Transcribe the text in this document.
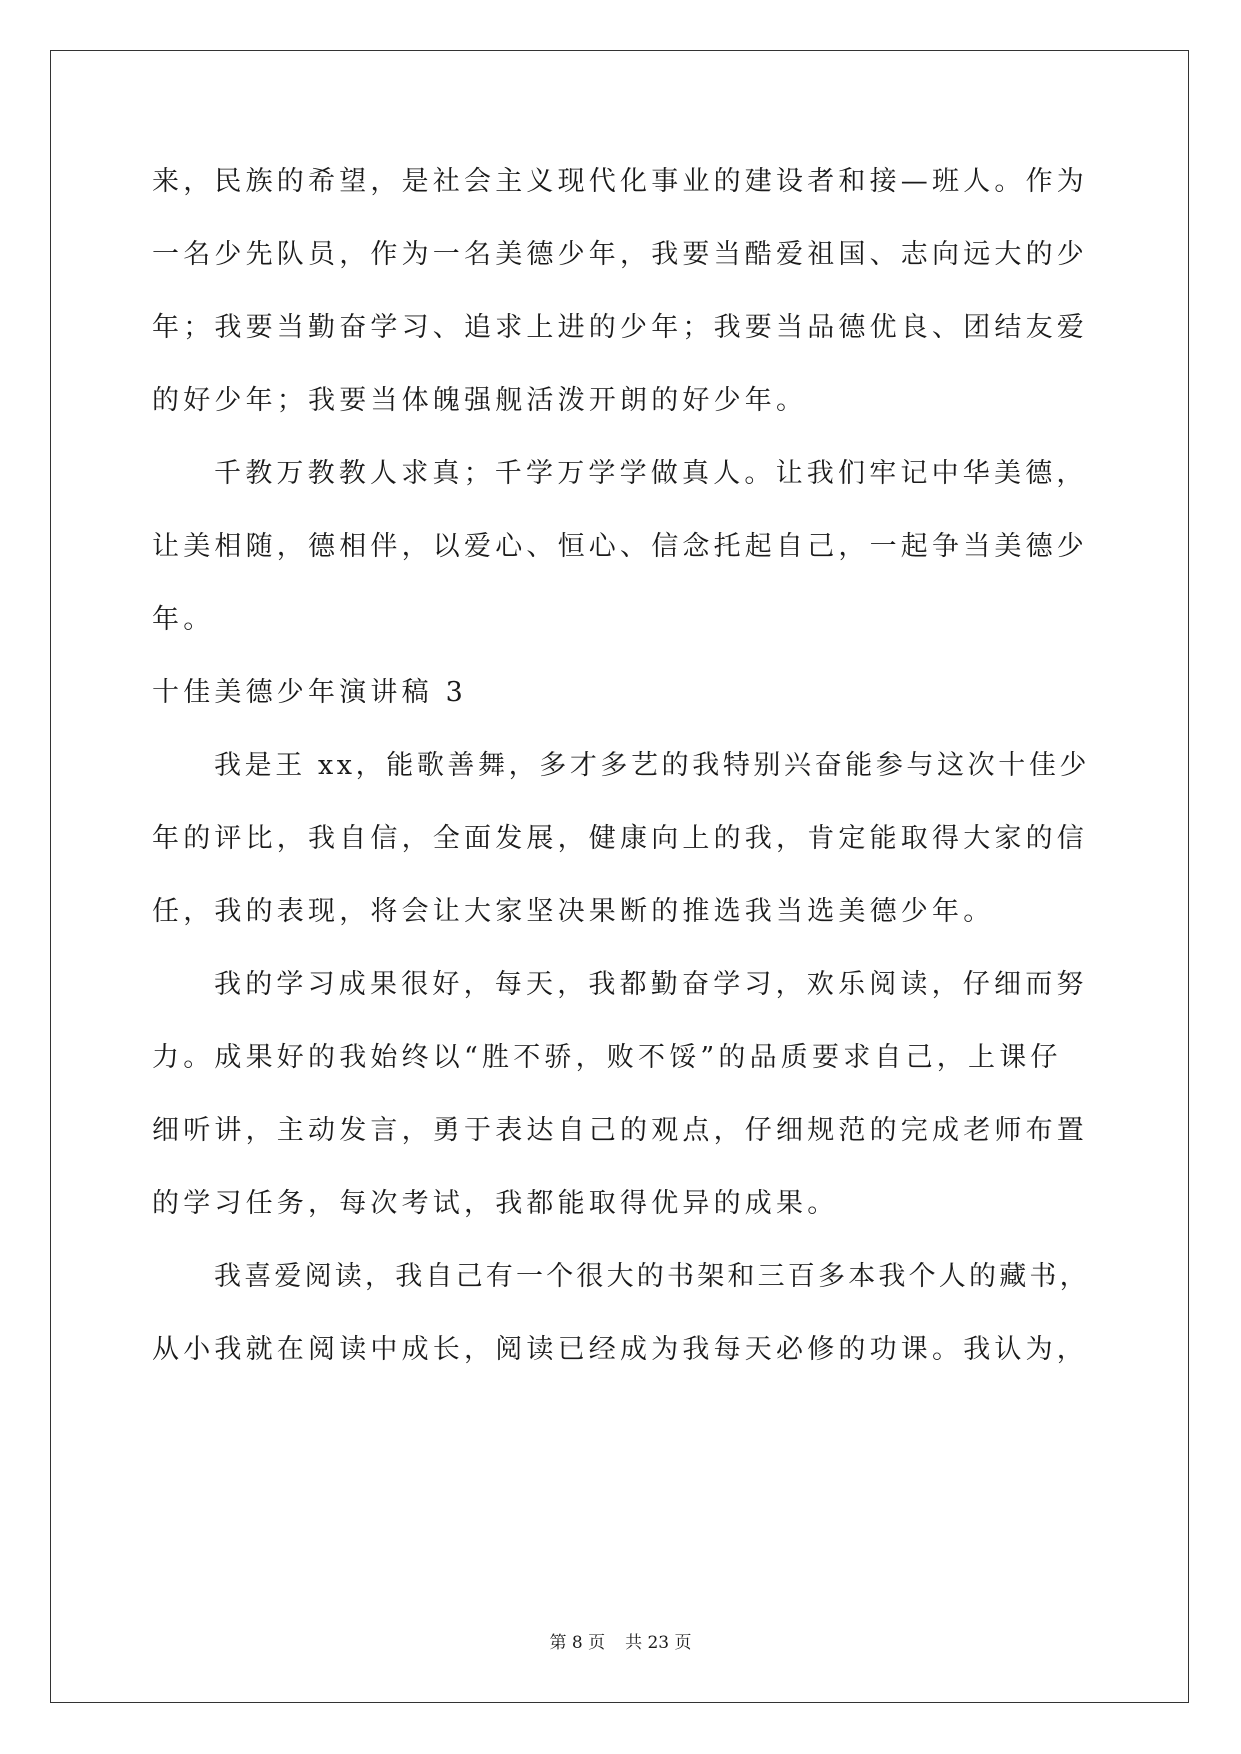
来，民族的希望，是社会主义现代化事业的建设者和接—班人。作为
一名少先队员，作为一名美德少年，我要当酷爱祖国、志向远大的少
年；我要当勤奋学习、追求上进的少年；我要当品德优良、团结友爱
的好少年；我要当体魄强舰活泼开朗的好少年。
千教万教教人求真；千学万学学做真人。让我们牢记中华美德，
让美相随，德相伴，以爱心、恒心、信念托起自己，一起争当美德少
年。
十佳美德少年演讲稿 3
我是王 xx，能歌善舞，多才多艺的我特别兴奋能参与这次十佳少
年的评比，我自信，全面发展，健康向上的我，肯定能取得大家的信
任，我的表现，将会让大家坚决果断的推选我当选美德少年。
我的学习成果很好，每天，我都勤奋学习，欢乐阅读，仔细而努
力。成果好的我始终以“胜不骄，败不馁”的品质要求自己，上课仔
细听讲，主动发言，勇于表达自己的观点，仔细规范的完成老师布置
的学习任务，每次考试，我都能取得优异的成果。
我喜爱阅读，我自己有一个很大的书架和三百多本我个人的藏书，
从小我就在阅读中成长，阅读已经成为我每天必修的功课。我认为，
第 8 页 共 23 页
